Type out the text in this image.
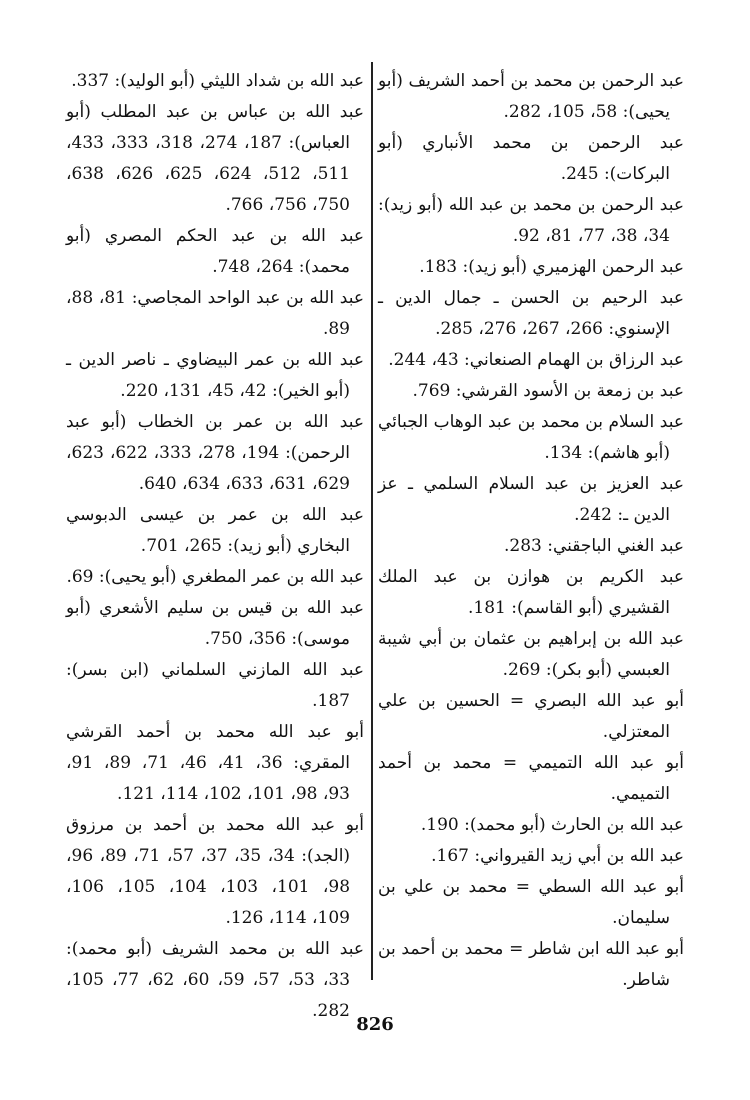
عبد الرحمن بن محمد بن أحمد الشريف (أبو يحيى): 58، 105، 282.

عبد الرحمن بن محمد الأنباري (أبو البركات): 245.

عبد الرحمن بن محمد بن عبد الله (أبو زيد): 34، 38، 77، 81، 92.

عبد الرحمن الهزميري (أبو زيد): 183.

عبد الرحيم بن الحسن ـ جمال الدين ـ الإسنوي: 266، 267، 276، 285.

عبد الرزاق بن الهمام الصنعاني: 43، 244.

عبد بن زمعة بن الأسود القرشي: 769.

عبد السلام بن محمد بن عبد الوهاب الجبائي (أبو هاشم): 134.

عبد العزيز بن عبد السلام السلمي ـ عز الدين ـ: 242.

عبد الغني الباجقني: 283.

عبد الكريم بن هوازن بن عبد الملك القشيري (أبو القاسم): 181.

عبد الله بن إبراهيم بن عثمان بن أبي شيبة العبسي (أبو بكر): 269.

أبو عبد الله البصري = الحسين بن علي المعتزلي.

أبو عبد الله التميمي = محمد بن أحمد التميمي.

عبد الله بن الحارث (أبو محمد): 190.

عبد الله بن أبي زيد القيرواني: 167.

أبو عبد الله السطي = محمد بن علي بن سليمان.

أبو عبد الله ابن شاطر = محمد بن أحمد بن شاطر.

عبد الله بن شداد الليثي (أبو الوليد): 337.

عبد الله بن عباس بن عبد المطلب (أبو العباس): 187، 274، 318، 333، 433، 511، 512، 624، 625، 626، 638، 750، 756، 766.

عبد الله بن عبد الحكم المصري (أبو محمد): 264، 748.

عبد الله بن عبد الواحد المجاصي: 81، 88، 89.

عبد الله بن عمر البيضاوي ـ ناصر الدين ـ (أبو الخير): 42، 45، 131، 220.

عبد الله بن عمر بن الخطاب (أبو عبد الرحمن): 194، 278، 333، 622، 623، 629، 631، 633، 634، 640.

عبد الله بن عمر بن عيسى الدبوسي البخاري (أبو زيد): 265، 701.

عبد الله بن عمر المطغري (أبو يحيى): 69.

عبد الله بن قيس بن سليم الأشعري (أبو موسى): 356، 750.

عبد الله المازني السلماني (ابن بسر): 187.

أبو عبد الله محمد بن أحمد القرشي المقري: 36، 41، 46، 71، 89، 91، 93، 98، 101، 102، 114، 121.

أبو عبد الله محمد بن أحمد بن مرزوق (الجد): 34، 35، 37، 57، 71، 89، 96، 98، 101، 103، 104، 105، 106، 109، 114، 126.

عبد الله بن محمد الشريف (أبو محمد): 33، 53، 57، 59، 60، 62، 77، 105، 282.

826
